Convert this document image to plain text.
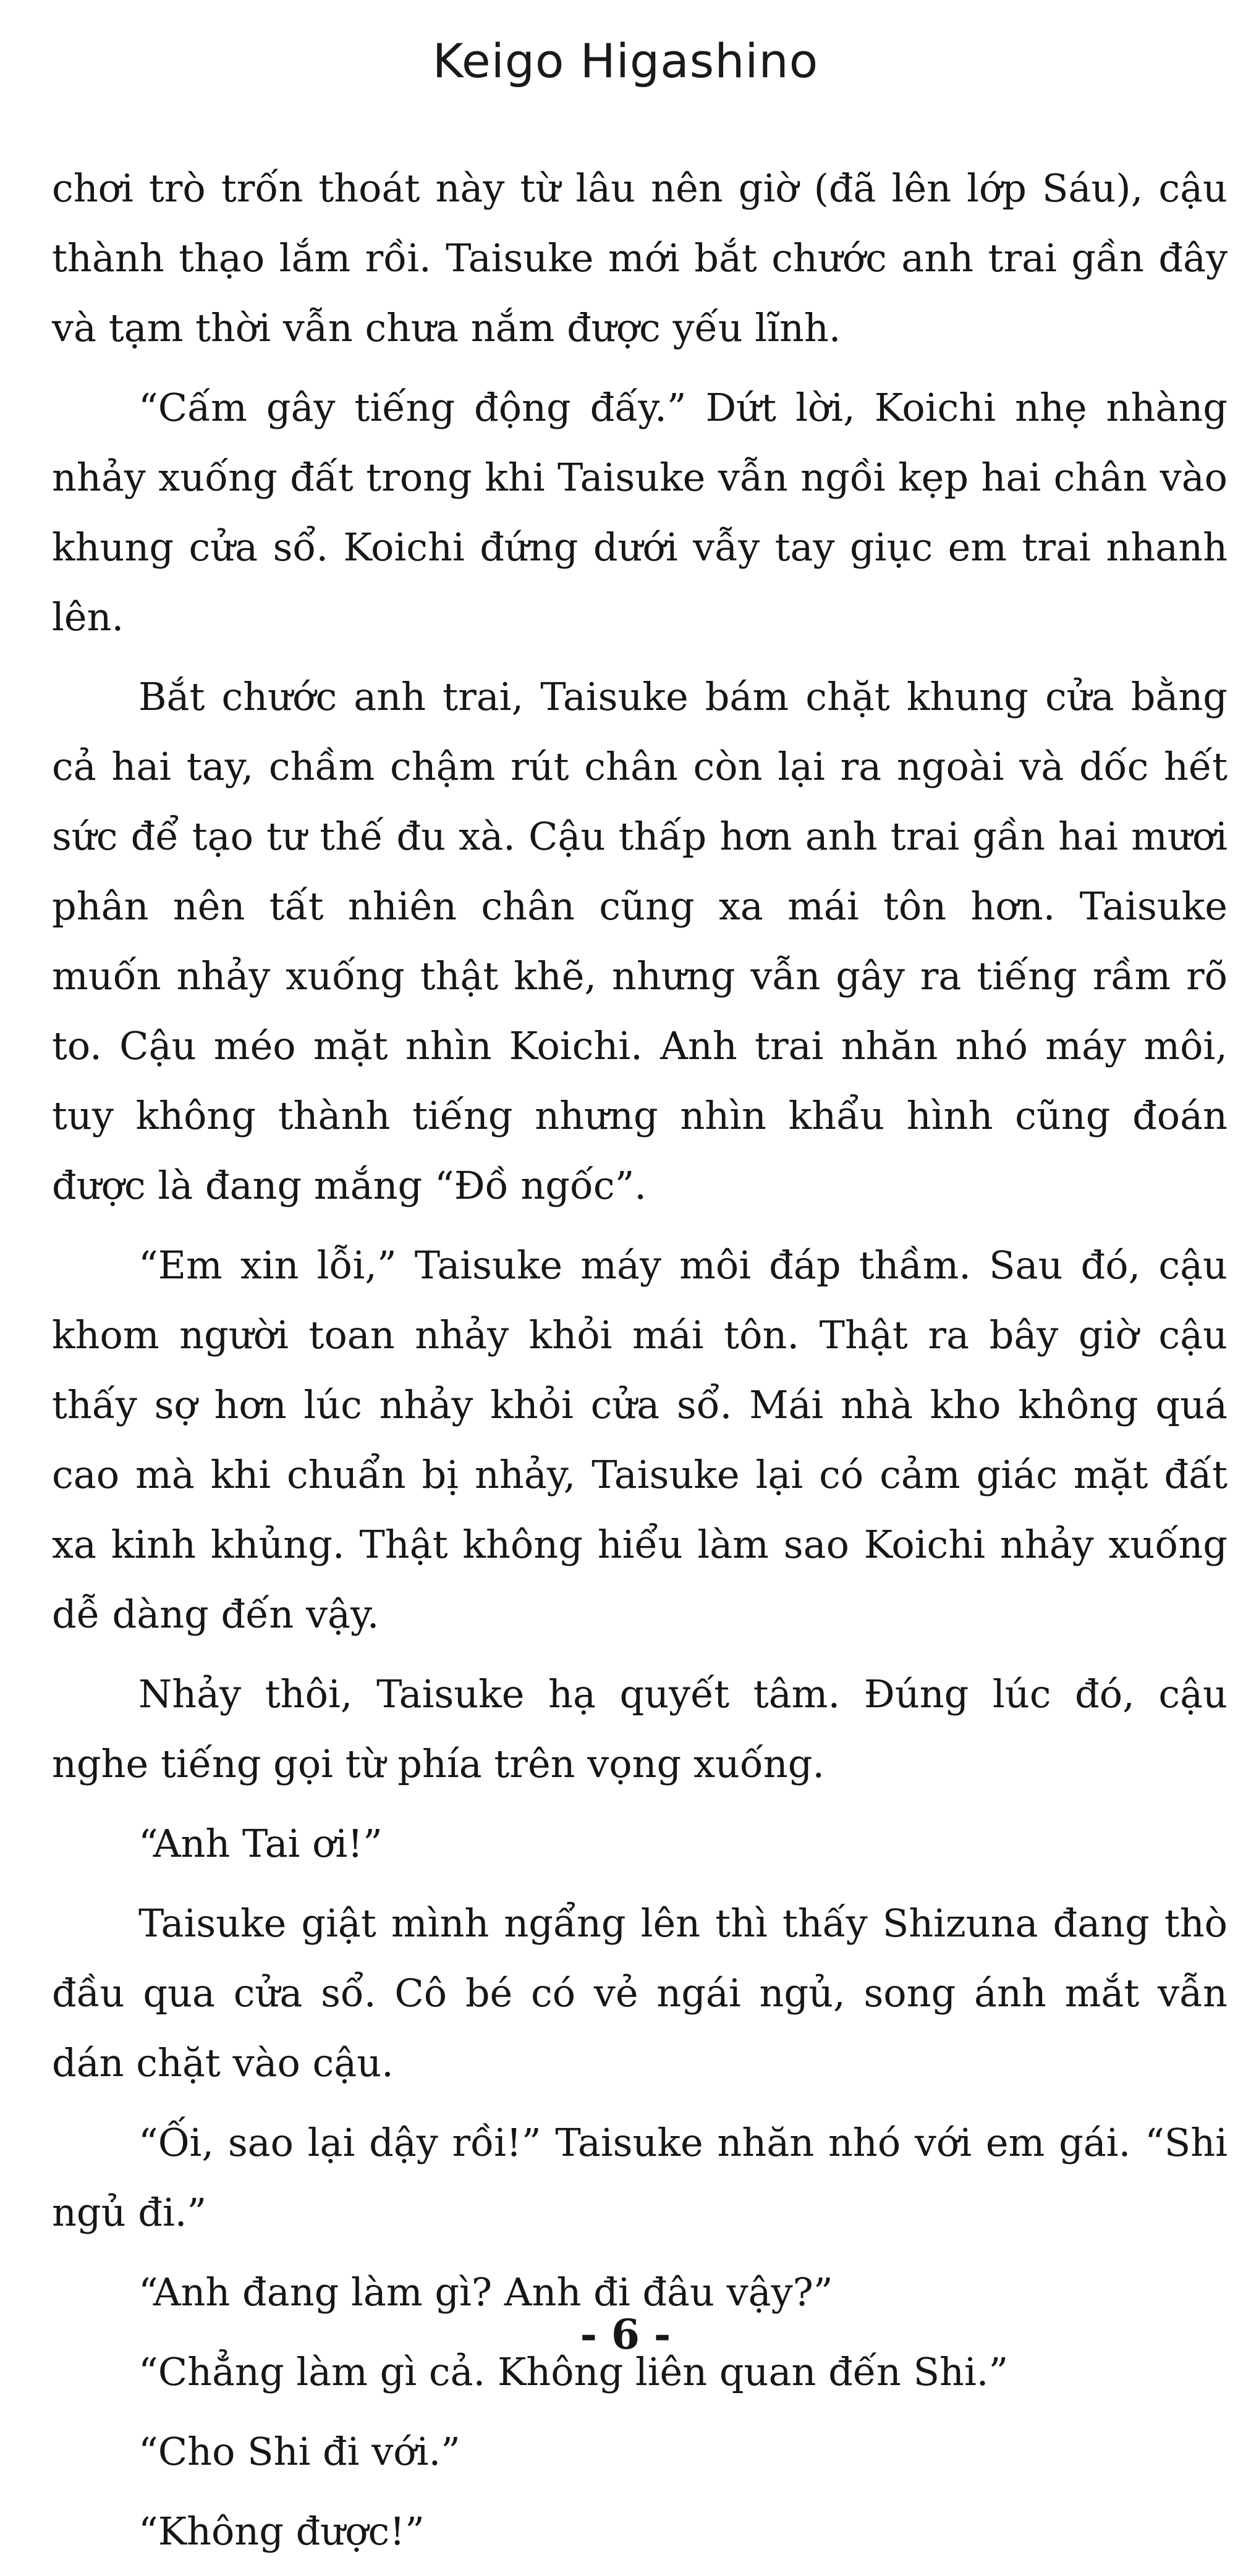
Keigo Higashino

chơi trò trốn thoát này từ lâu nên giờ (đã lên lớp Sáu), cậu thành thạo lắm rồi. Taisuke mới bắt chước anh trai gần đây và tạm thời vẫn chưa nắm được yếu lĩnh.

“Cấm gây tiếng động đấy.” Dứt lời, Koichi nhẹ nhàng nhảy xuống đất trong khi Taisuke vẫn ngồi kẹp hai chân vào khung cửa sổ. Koichi đứng dưới vẫy tay giục em trai nhanh lên.

Bắt chước anh trai, Taisuke bám chặt khung cửa bằng cả hai tay, chầm chậm rút chân còn lại ra ngoài và dốc hết sức để tạo tư thế đu xà. Cậu thấp hơn anh trai gần hai mươi phân nên tất nhiên chân cũng xa mái tôn hơn. Taisuke muốn nhảy xuống thật khẽ, nhưng vẫn gây ra tiếng rầm rõ to. Cậu méo mặt nhìn Koichi. Anh trai nhăn nhó máy môi, tuy không thành tiếng nhưng nhìn khẩu hình cũng đoán được là đang mắng “Đồ ngốc”.

“Em xin lỗi,” Taisuke máy môi đáp thầm. Sau đó, cậu khom người toan nhảy khỏi mái tôn. Thật ra bây giờ cậu thấy sợ hơn lúc nhảy khỏi cửa sổ. Mái nhà kho không quá cao mà khi chuẩn bị nhảy, Taisuke lại có cảm giác mặt đất xa kinh khủng. Thật không hiểu làm sao Koichi nhảy xuống dễ dàng đến vậy.

Nhảy thôi, Taisuke hạ quyết tâm. Đúng lúc đó, cậu nghe tiếng gọi từ phía trên vọng xuống.

“Anh Tai ơi!”

Taisuke giật mình ngẩng lên thì thấy Shizuna đang thò đầu qua cửa sổ. Cô bé có vẻ ngái ngủ, song ánh mắt vẫn dán chặt vào cậu.

“Ối, sao lại dậy rồi!” Taisuke nhăn nhó với em gái. “Shi ngủ đi.”

“Anh đang làm gì? Anh đi đâu vậy?”

“Chẳng làm gì cả. Không liên quan đến Shi.”

“Cho Shi đi với.”

“Không được!”

- 6 -
